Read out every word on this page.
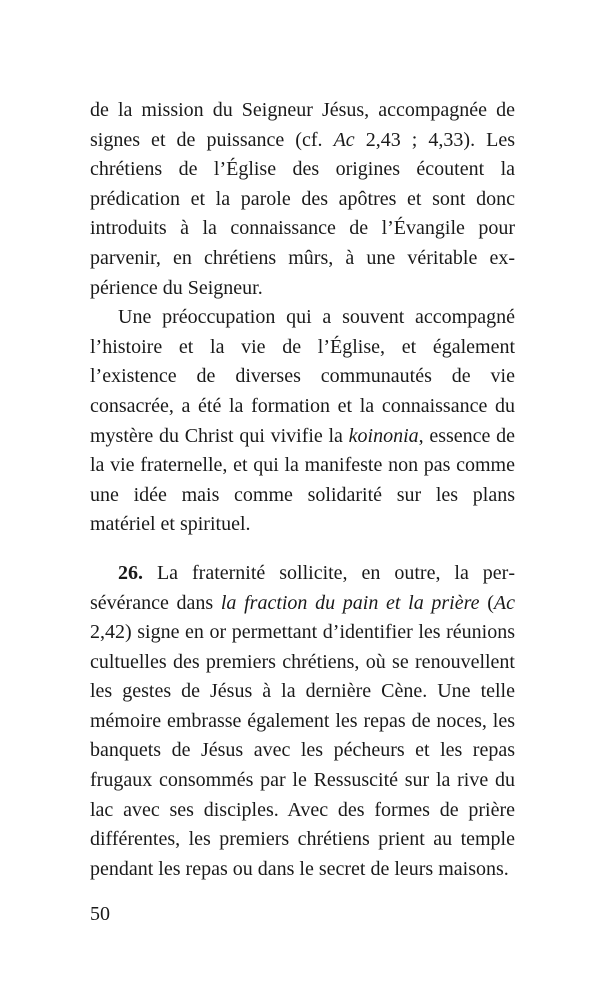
de la mission du Seigneur Jésus, accompagnée de signes et de puissance (cf. Ac 2,43 ; 4,33). Les chrétiens de l’Église des origines écoutent la prédication et la parole des apôtres et sont donc introduits à la connaissance de l’Évangile pour parvenir, en chrétiens mûrs, à une véritable expérience du Seigneur.

Une préoccupation qui a souvent accompagné l’histoire et la vie de l’Église, et également l’existence de diverses communautés de vie consacrée, a été la formation et la connaissance du mystère du Christ qui vivifie la koinonia, essence de la vie fraternelle, et qui la manifeste non pas comme une idée mais comme solidarité sur les plans matériel et spirituel.

26. La fraternité sollicite, en outre, la persévérance dans la fraction du pain et la prière (Ac 2,42) signe en or permettant d’identifier les réunions cultuelles des premiers chrétiens, où se renouvellent les gestes de Jésus à la dernière Cène. Une telle mémoire embrasse également les repas de noces, les banquets de Jésus avec les pécheurs et les repas frugaux consommés par le Ressuscité sur la rive du lac avec ses disciples. Avec des formes de prière différentes, les premiers chrétiens prient au temple pendant les repas ou dans le secret de leurs maisons.

50
